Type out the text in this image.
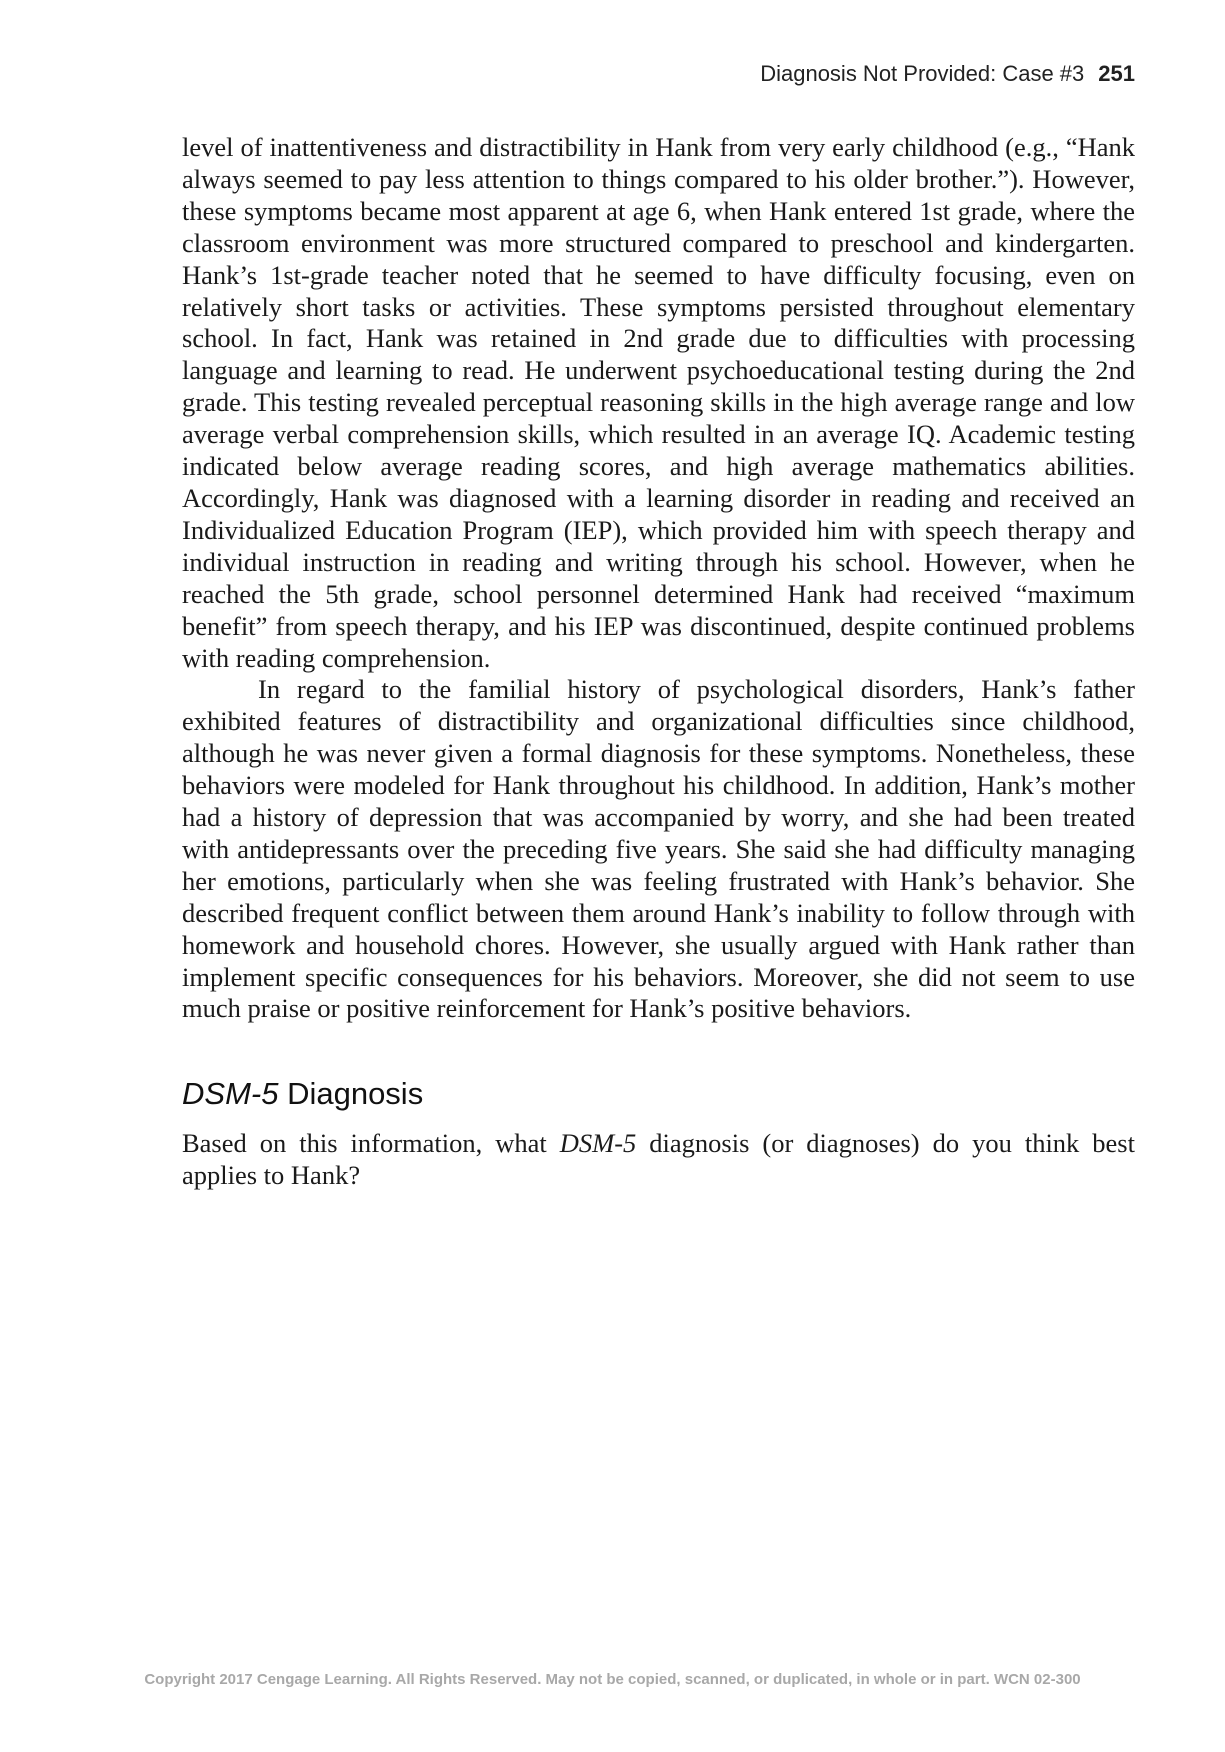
Diagnosis Not Provided: Case #3 251

level of inattentiveness and distractibility in Hank from very early childhood (e.g., “Hank always seemed to pay less attention to things compared to his older brother.”). However, these symptoms became most apparent at age 6, when Hank entered 1st grade, where the classroom environment was more structured compared to preschool and kindergarten. Hank’s 1st-grade teacher noted that he seemed to have difficulty focusing, even on relatively short tasks or activities. These symptoms persisted throughout elementary school. In fact, Hank was retained in 2nd grade due to difficulties with processing language and learning to read. He underwent psychoeducational testing during the 2nd grade. This testing revealed perceptual reasoning skills in the high average range and low average verbal comprehension skills, which resulted in an average IQ. Academic testing indicated below average reading scores, and high average mathematics abilities. Accordingly, Hank was diagnosed with a learning disorder in reading and received an Individualized Education Program (IEP), which provided him with speech therapy and individual instruction in reading and writing through his school. However, when he reached the 5th grade, school personnel determined Hank had received “maximum benefit” from speech therapy, and his IEP was discontinued, despite continued problems with reading comprehension.

In regard to the familial history of psychological disorders, Hank’s father exhibited features of distractibility and organizational difficulties since childhood, although he was never given a formal diagnosis for these symptoms. Nonetheless, these behaviors were modeled for Hank throughout his childhood. In addition, Hank’s mother had a history of depression that was accompanied by worry, and she had been treated with antidepressants over the preceding five years. She said she had difficulty managing her emotions, particularly when she was feeling frustrated with Hank’s behavior. She described frequent conflict between them around Hank’s inability to follow through with homework and household chores. However, she usually argued with Hank rather than implement specific consequences for his behaviors. Moreover, she did not seem to use much praise or positive reinforcement for Hank’s positive behaviors.

DSM-5 Diagnosis

Based on this information, what DSM-5 diagnosis (or diagnoses) do you think best applies to Hank?

Copyright 2017 Cengage Learning. All Rights Reserved. May not be copied, scanned, or duplicated, in whole or in part. WCN 02-300
